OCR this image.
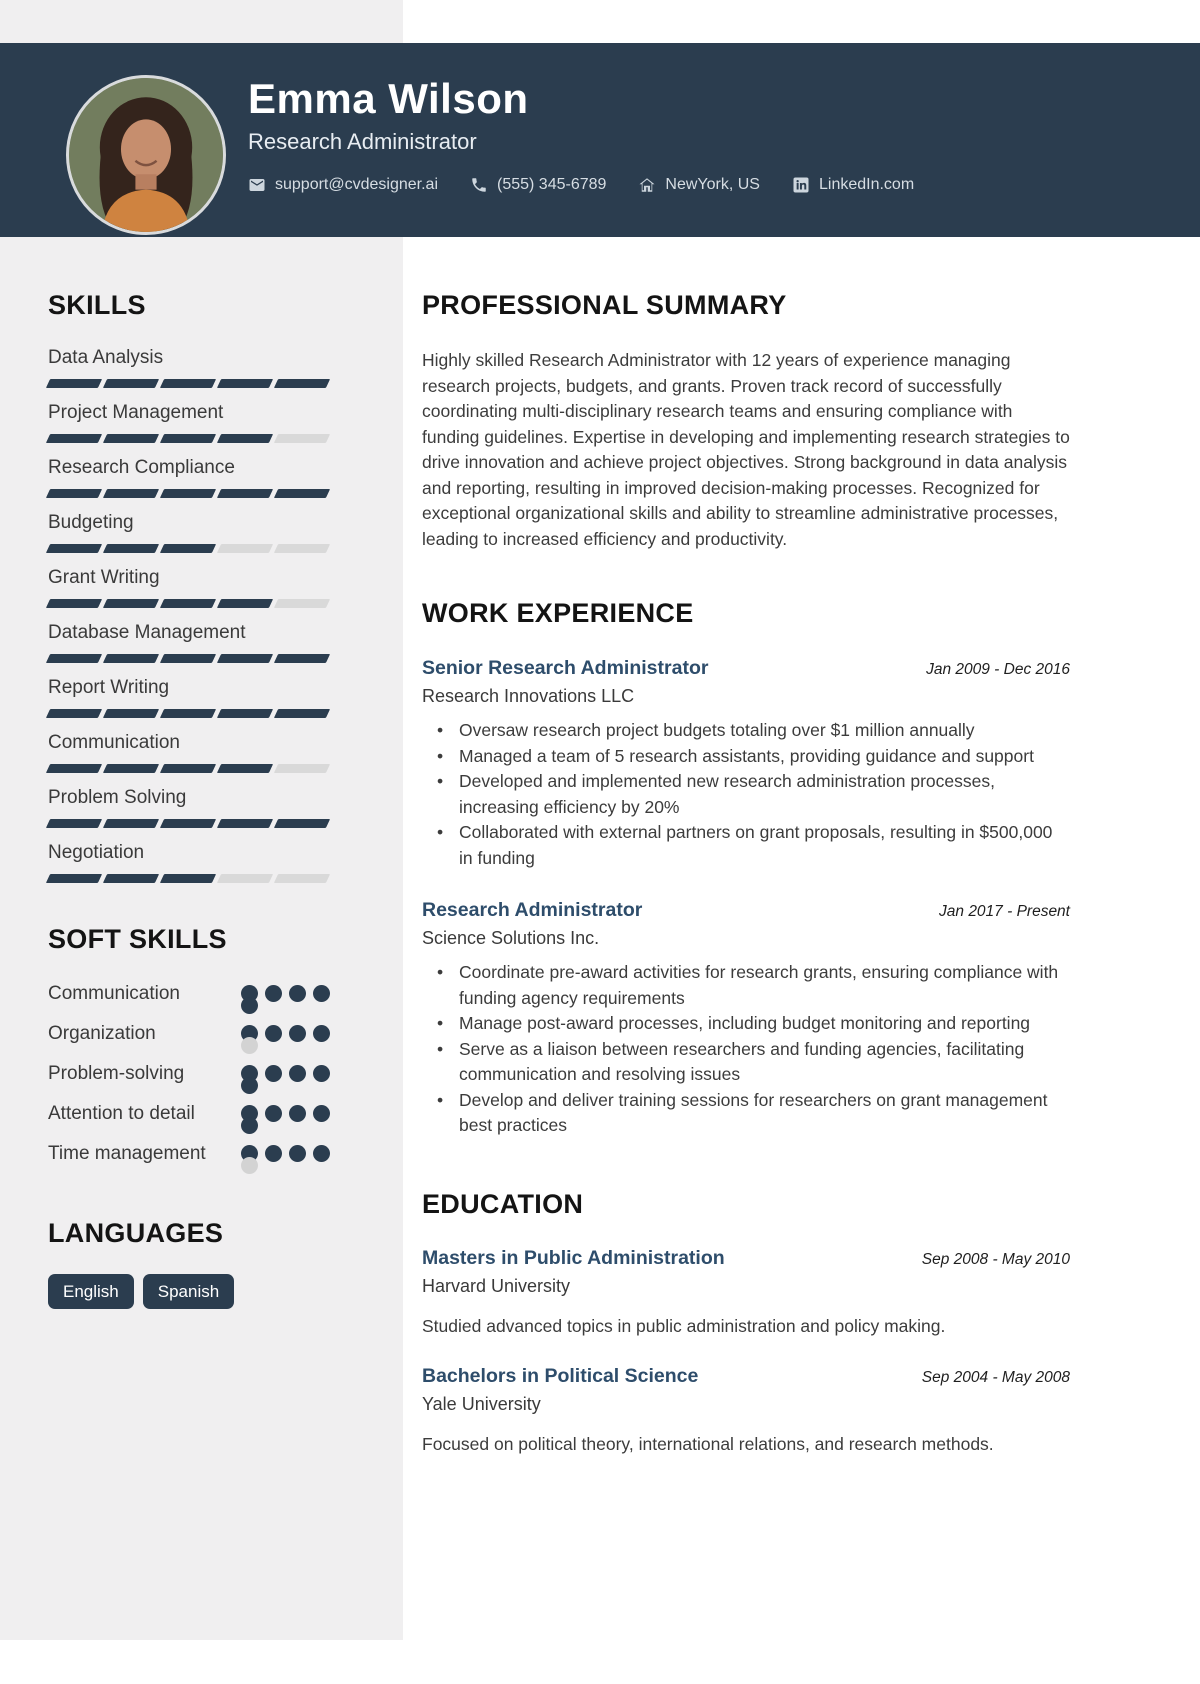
Emma Wilson
Research Administrator
support@cvdesigner.ai	(555) 345-6789	NewYork, US	LinkedIn.com
SKILLS
Data Analysis
Project Management
Research Compliance
Budgeting
Grant Writing
Database Management
Report Writing
Communication
Problem Solving
Negotiation
SOFT SKILLS
Communication
Organization
Problem-solving
Attention to detail
Time management
LANGUAGES
English	Spanish
PROFESSIONAL SUMMARY

Highly skilled Research Administrator with 12 years of experience managing research projects, budgets, and grants. Proven track record of successfully coordinating multi-disciplinary research teams and ensuring compliance with funding guidelines. Expertise in developing and implementing research strategies to drive innovation and achieve project objectives. Strong background in data analysis and reporting, resulting in improved decision-making processes. Recognized for exceptional organizational skills and ability to streamline administrative processes, leading to increased efficiency and productivity.

WORK EXPERIENCE
Senior Research Administrator	Jan 2009 - Dec 2016
Research Innovations LLC
• Oversaw research project budgets totaling over $1 million annually
• Managed a team of 5 research assistants, providing guidance and support
• Developed and implemented new research administration processes, increasing efficiency by 20%
• Collaborated with external partners on grant proposals, resulting in $500,000 in funding
Research Administrator	Jan 2017 - Present
Science Solutions Inc.
• Coordinate pre-award activities for research grants, ensuring compliance with funding agency requirements
• Manage post-award processes, including budget monitoring and reporting
• Serve as a liaison between researchers and funding agencies, facilitating communication and resolving issues
• Develop and deliver training sessions for researchers on grant management best practices
EDUCATION
Masters in Public Administration	Sep 2008 - May 2010
Harvard University
Studied advanced topics in public administration and policy making.
Bachelors in Political Science	Sep 2004 - May 2008
Yale University
Focused on political theory, international relations, and research methods.
